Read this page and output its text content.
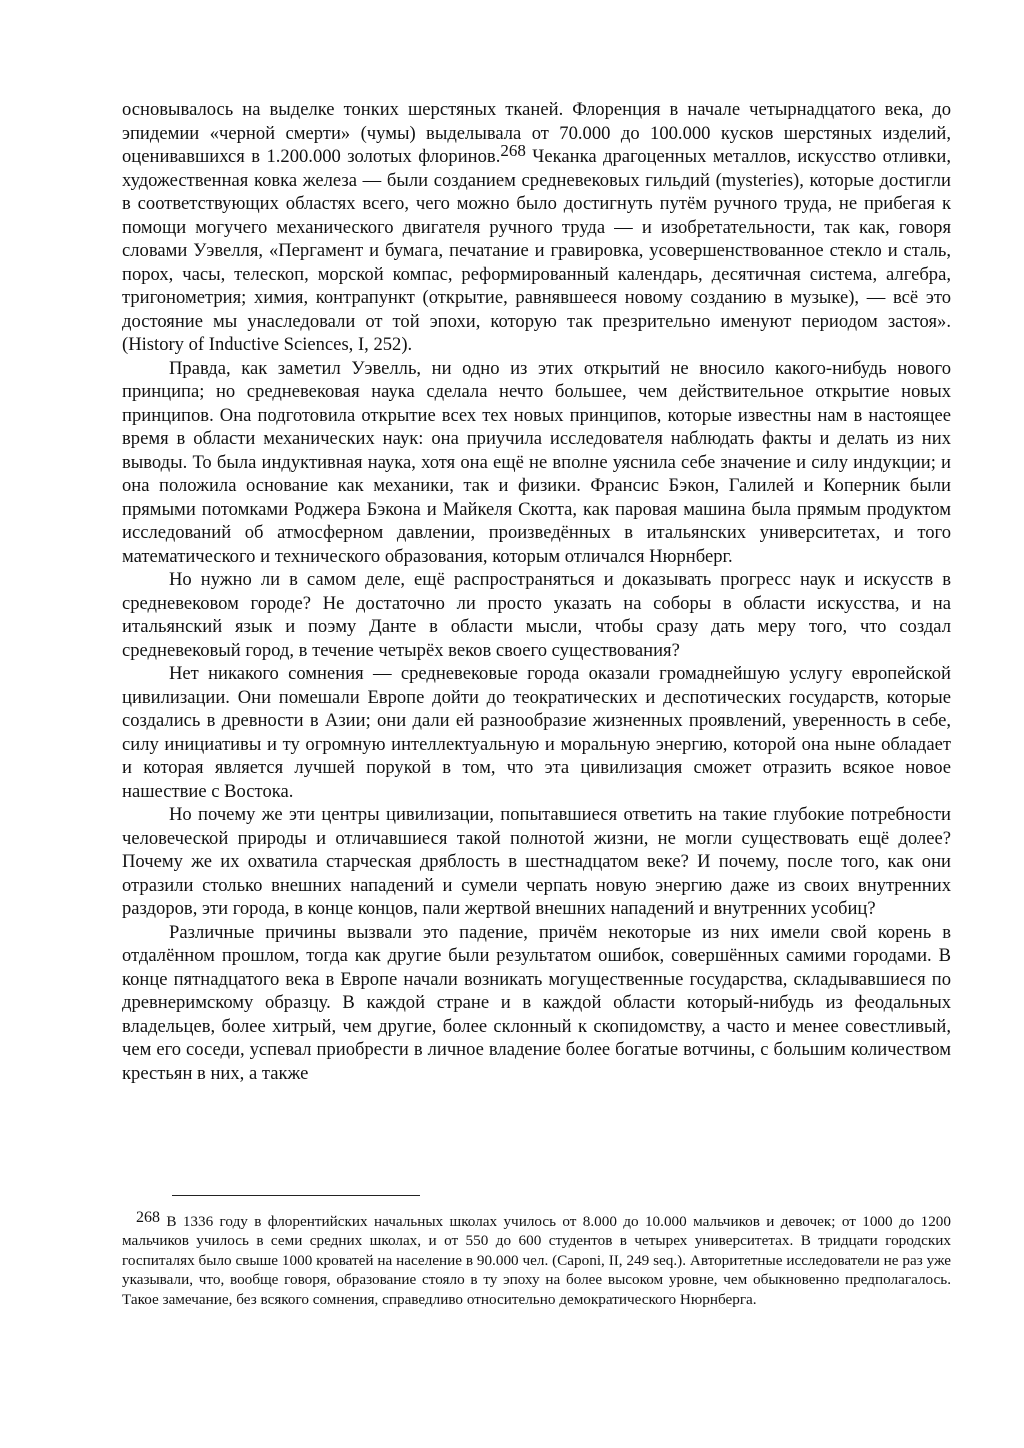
основывалось на выделке тонких шерстяных тканей. Флоренция в начале четырнадцатого века, до эпидемии «черной смерти» (чумы) выделывала от 70.000 до 100.000 кусков шерстяных изделий, оценивавшихся в 1.200.000 золотых флоринов.$^{268}$ Чеканка драгоценных металлов, искусство отливки, художественная ковка железа — были созданием средневековых гильдий (mysteries), которые достигли в соответствующих областях всего, чего можно было достигнуть путём ручного труда, не прибегая к помощи могучего механического двигателя ручного труда — и изобретательности, так как, говоря словами Уэвелля, «Пергамент и бумага, печатание и гравировка, усовершенствованное стекло и сталь, порох, часы, телескоп, морской компас, реформированный календарь, десятичная система, алгебра, тригонометрия; химия, контрапункт (открытие, равнявшееся новому созданию в музыке), — всё это достояние мы унаследовали от той эпохи, которую так презрительно именуют периодом застоя». (History of Inductive Sciences, I, 252).

Правда, как заметил Уэвелль, ни одно из этих открытий не вносило какого-нибудь нового принципа; но средневековая наука сделала нечто большее, чем действительное открытие новых принципов. Она подготовила открытие всех тех новых принципов, которые известны нам в настоящее время в области механических наук: она приучила исследователя наблюдать факты и делать из них выводы. То была индуктивная наука, хотя она ещё не вполне уяснила себе значение и силу индукции; и она положила основание как механики, так и физики. Франсис Бэкон, Галилей и Коперник были прямыми потомками Роджера Бэкона и Майкеля Скотта, как паровая машина была прямым продуктом исследований об атмосферном давлении, произведённых в итальянских университетах, и того математического и технического образования, которым отличался Нюрнберг.

Но нужно ли в самом деле, ещё распространяться и доказывать прогресс наук и искусств в средневековом городе? Не достаточно ли просто указать на соборы в области искусства, и на итальянский язык и поэму Данте в области мысли, чтобы сразу дать меру того, что создал средневековый город, в течение четырёх веков своего существования?

Нет никакого сомнения — средневековые города оказали громаднейшую услугу европейской цивилизации. Они помешали Европе дойти до теократических и деспотических государств, которые создались в древности в Азии; они дали ей разнообразие жизненных проявлений, уверенность в себе, силу инициативы и ту огромную интеллектуальную и моральную энергию, которой она ныне обладает и которая является лучшей порукой в том, что эта цивилизация сможет отразить всякое новое нашествие с Востока.

Но почему же эти центры цивилизации, попытавшиеся ответить на такие глубокие потребности человеческой природы и отличавшиеся такой полнотой жизни, не могли существовать ещё долее? Почему же их охватила старческая дряблость в шестнадцатом веке? И почему, после того, как они отразили столько внешних нападений и сумели черпать новую энергию даже из своих внутренних раздоров, эти города, в конце концов, пали жертвой внешних нападений и внутренних усобиц?

Различные причины вызвали это падение, причём некоторые из них имели свой корень в отдалённом прошлом, тогда как другие были результатом ошибок, совершённых самими городами. В конце пятнадцатого века в Европе начали возникать могущественные государства, складывавшиеся по древнеримскому образцу. В каждой стране и в каждой области который-нибудь из феодальных владельцев, более хитрый, чем другие, более склонный к скопидомству, а часто и менее совестливый, чем его соседи, успевал приобрести в личное владение более богатые вотчины, с большим количеством крестьян в них, а также

$^{268}$ В 1336 году в флорентийских начальных школах училось от 8.000 до 10.000 мальчиков и девочек; от 1000 до 1200 мальчиков училось в семи средних школах, и от 550 до 600 студентов в четырех университетах. В тридцати городских госпиталях было свыше 1000 кроватей на население в 90.000 чел. (Caponi, II, 249 seq.). Авторитетные исследователи не раз уже указывали, что, вообще говоря, образование стояло в ту эпоху на более высоком уровне, чем обыкновенно предполагалось. Такое замечание, без всякого сомнения, справедливо относительно демократического Нюрнберга.
